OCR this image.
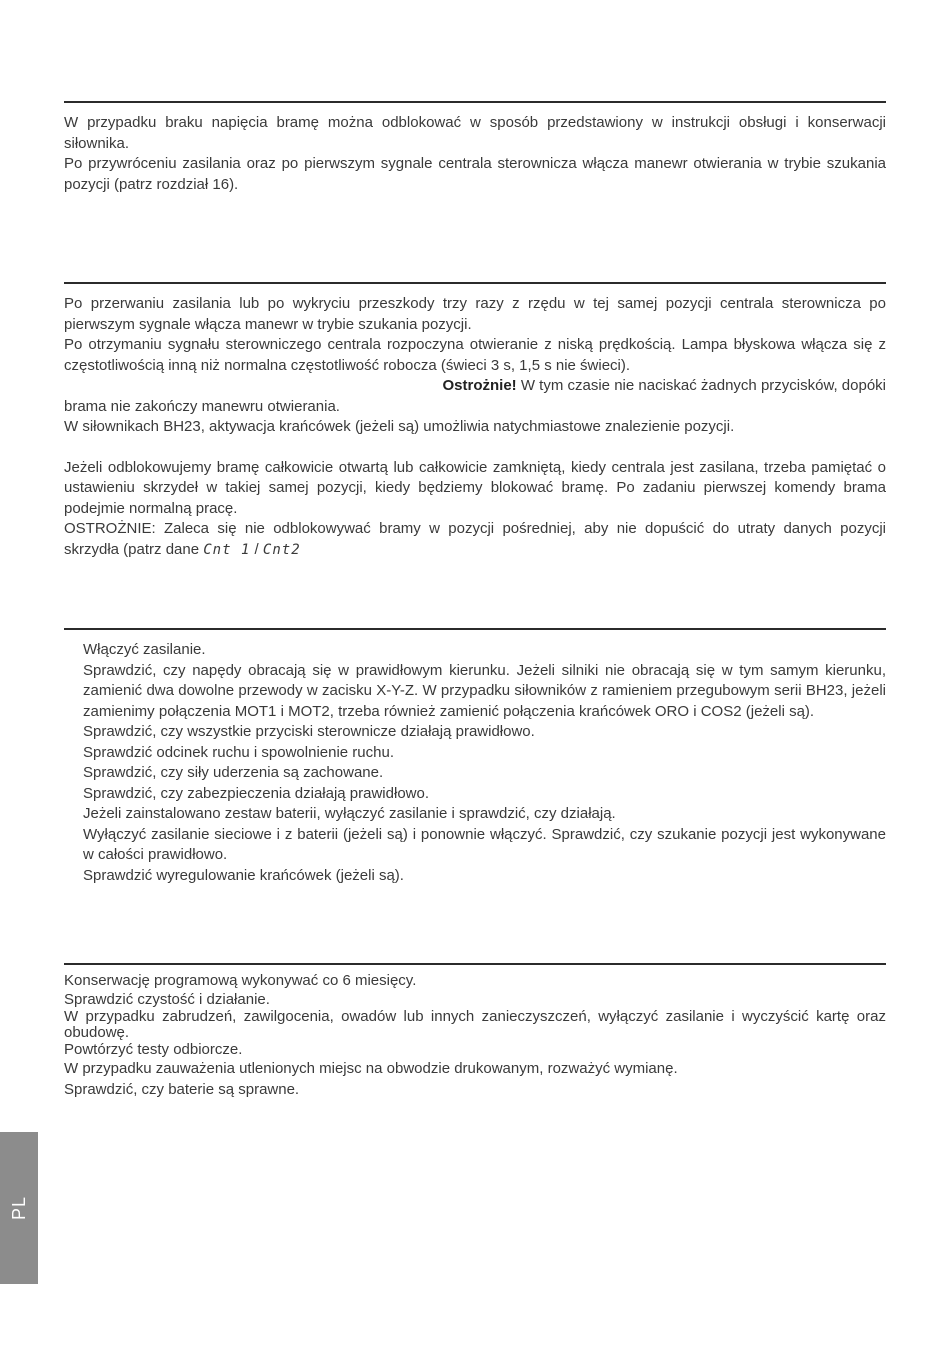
W przypadku braku napięcia bramę można odblokować w sposób przedstawiony w instrukcji obsługi i konserwacji siłownika.

Po przywróceniu zasilania oraz po pierwszym sygnale centrala sterownicza włącza manewr otwierania w trybie szukania pozycji (patrz rozdział 16).

Po przerwaniu zasilania lub po wykryciu przeszkody trzy razy z rzędu w tej samej pozycji centrala sterownicza po pierwszym sygnale włącza manewr w trybie szukania pozycji.

Po otrzymaniu sygnału sterowniczego centrala rozpoczyna otwieranie z niską prędkością. Lampa błyskowa włącza się z częstotliwością inną niż normalna częstotliwość robocza (świeci 3 s, 1,5 s nie świeci).

Ostrożnie! W tym czasie nie naciskać żadnych przycisków, dopóki

brama nie zakończy manewru otwierania.

W siłownikach BH23, aktywacja krańcówek (jeżeli są) umożliwia natychmiastowe znalezienie pozycji.

Jeżeli odblokowujemy bramę całkowicie otwartą lub całkowicie zamkniętą, kiedy centrala jest zasilana, trzeba pamiętać o ustawieniu skrzydeł w takiej samej pozycji, kiedy będziemy blokować bramę. Po zadaniu pierwszej komendy brama podejmie normalną pracę.

OSTROŻNIE: Zaleca się nie odblokowywać bramy w pozycji pośredniej, aby nie dopuścić do utraty danych pozycji

skrzydła (patrz dane Cnt 1 / Cnt2

Włączyć zasilanie.

Sprawdzić, czy napędy obracają się w prawidłowym kierunku. Jeżeli silniki nie obracają się w tym samym kierunku, zamienić dwa dowolne przewody w zacisku X-Y-Z. W przypadku siłowników z ramieniem przegubowym serii BH23, jeżeli zamienimy połączenia MOT1 i MOT2, trzeba również zamienić połączenia krańcówek ORO i COS2 (jeżeli są).

Sprawdzić, czy wszystkie przyciski sterownicze działają prawidłowo.

Sprawdzić odcinek ruchu i spowolnienie ruchu.

Sprawdzić, czy siły uderzenia są zachowane.

Sprawdzić, czy zabezpieczenia działają prawidłowo.

Jeżeli zainstalowano zestaw baterii, wyłączyć zasilanie i sprawdzić, czy działają.

Wyłączyć zasilanie sieciowe i z baterii (jeżeli są) i ponownie włączyć. Sprawdzić, czy szukanie pozycji jest wykonywane w całości prawidłowo.

Sprawdzić wyregulowanie krańcówek (jeżeli są).

Konserwację programową wykonywać co 6 miesięcy.

Sprawdzić czystość i działanie.

W przypadku zabrudzeń, zawilgocenia, owadów lub innych zanieczyszczeń, wyłączyć zasilanie i wyczyścić kartę oraz obudowę.

Powtórzyć testy odbiorcze.

W przypadku zauważenia utlenionych miejsc na obwodzie drukowanym, rozważyć wymianę.

Sprawdzić, czy baterie są sprawne.

PL
